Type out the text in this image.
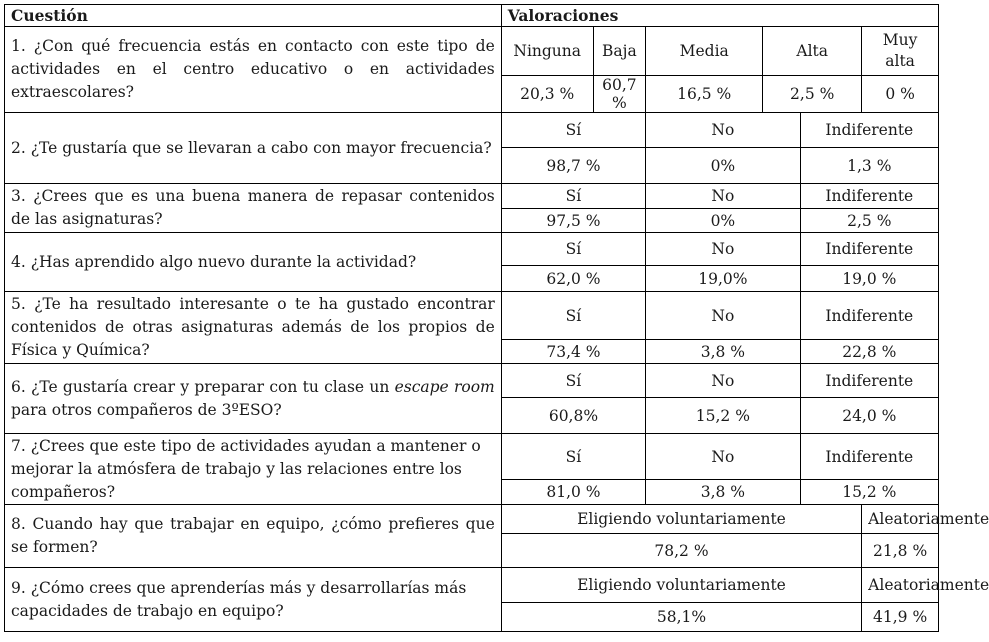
Cuestión	Valoraciones					
1. ¿Con qué frecuencia estás en contacto con este tipo de actividades en el centro educativo o en actividades extraescolares?	Ninguna	Baja	Media	Alta		Muy alta
	20,3 %	60,7 %	16,5 %	2,5 %		0 %
2. ¿Te gustaría que se llevaran a cabo con mayor frecuencia?	Sí		No		Indiferente	
	98,7 %		0%		1,3 %	
3. ¿Crees que es una buena manera de repasar contenidos de las asignaturas?	Sí		No		Indiferente	
	97,5 %		0%		2,5 %	
4. ¿Has aprendido algo nuevo durante la actividad?	Sí		No		Indiferente	
	62,0 %		19,0%		19,0 %	
5. ¿Te ha resultado interesante o te ha gustado encontrar contenidos de otras asignaturas además de los propios de Física y Química?	Sí		No		Indiferente	
	73,4 %		3,8 %		22,8 %	
6. ¿Te gustaría crear y preparar con tu clase un escape room para otros compañeros de 3ºESO?	Sí		No		Indiferente	
	60,8%		15,2 %		24,0 %	
7. ¿Crees que este tipo de actividades ayudan a mantener o mejorar la atmósfera de trabajo y las relaciones entre los compañeros?	Sí		No		Indiferente	
	81,0 %		3,8 %		15,2 %	
8. Cuando hay que trabajar en equipo, ¿cómo prefieres que se formen?	Eligiendo voluntariamente					Aleatoriamente
	78,2 %					21,8 %
9. ¿Cómo crees que aprenderías más y desarrollarías más capacidades de trabajo en equipo?	Eligiendo voluntariamente					Aleatoriamente
	58,1%					41,9 %
